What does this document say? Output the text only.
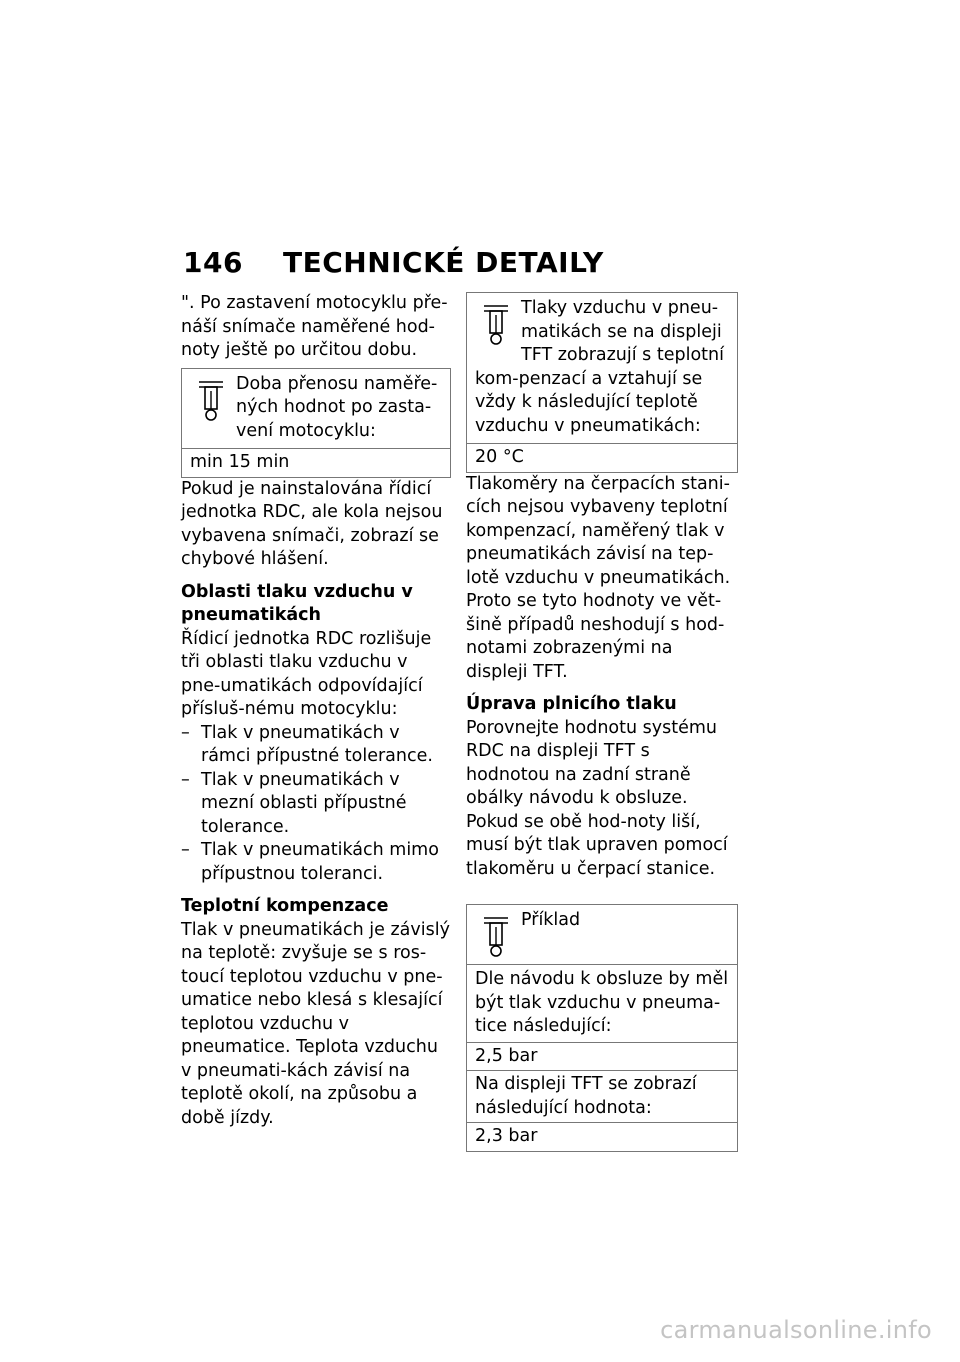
146	TECHNICKÉ DETAILY

". Po zastavení motocyklu pře-náší snímače naměřené hod-noty ještě po určitou dobu.

Doba přenosu naměře-ných hodnot po zasta-vení motocyklu:
min 15 min

Pokud je nainstalována řídicí jednotka RDC, ale kola nejsou vybavena snímači, zobrazí se chybové hlášení.

Oblasti tlaku vzduchu v pneumatikách

Řídicí jednotka RDC rozlišuje tři oblasti tlaku vzduchu v pne-umatikách odpovídající přísluš-nému motocyklu:

– Tlak v pneumatikách v rámci přípustné tolerance.

– Tlak v pneumatikách v mezní oblasti přípustné tolerance.

– Tlak v pneumatikách mimo přípustnou toleranci.

Teplotní kompenzace

Tlak v pneumatikách je závislý na teplotě: zvyšuje se s ros-toucí teplotou vzduchu v pne-umatice nebo klesá s klesající teplotou vzduchu v pneumatice. Teplota vzduchu v pneumati-kách závisí na teplotě okolí, na způsobu a době jízdy.

Tlaky vzduchu v pneu-matikách se na displeji TFT zobrazují s teplotní kom-penzací a vztahují se vždy k následující teplotě vzduchu v pneumatikách:
20 °C

Tlakoměry na čerpacích stani-cích nejsou vybaveny teplotní kompenzací, naměřený tlak v pneumatikách závisí na tep-lotě vzduchu v pneumatikách. Proto se tyto hodnoty ve vět-šině případů neshodují s hod-notami zobrazenými na displeji TFT.

Úprava plnicího tlaku

Porovnejte hodnotu systému RDC na displeji TFT s hodnotou na zadní straně obálky návodu k obsluze. Pokud se obě hod-noty liší, musí být tlak upraven pomocí tlakoměru u čerpací stanice.

Příklad
Dle návodu k obsluze by měl být tlak vzduchu v pneuma-tice následující:
2,5 bar
Na displeji TFT se zobrazí následující hodnota:
2,3 bar
carmanualsonline.info
